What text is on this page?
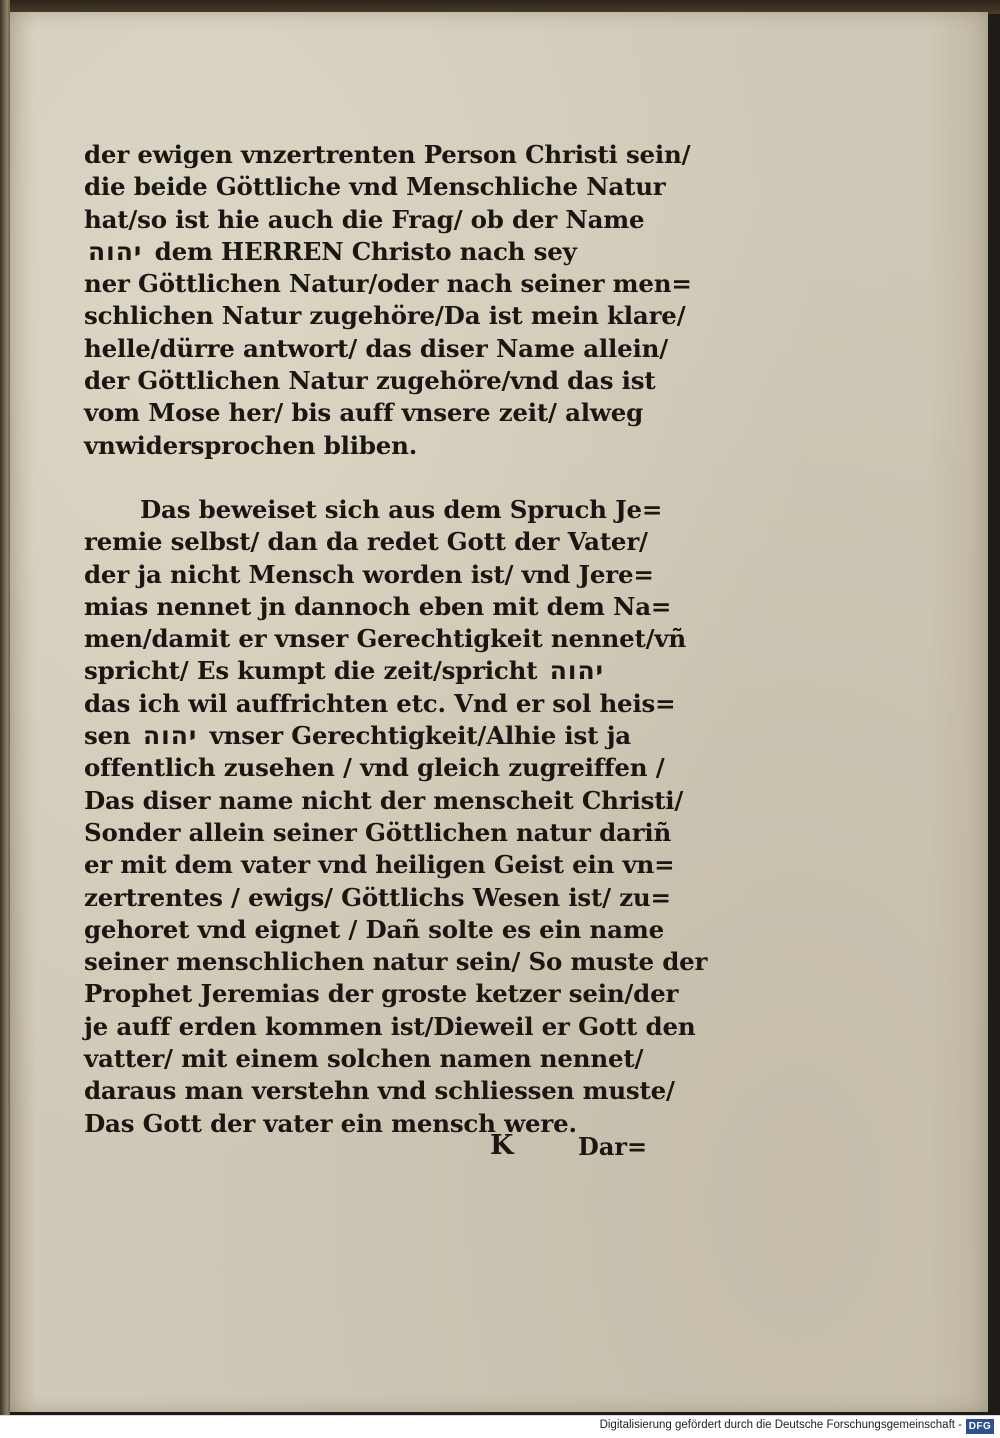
der ewigen vnzertrenten Person Christi sein/
die beide Göttliche vnd Menschliche Natur
hat/so ist hie auch die Frag/ ob der Name
יהוה dem HERREN Christo nach sey
ner Göttlichen Natur/oder nach seiner men=
schlichen Natur zugehöre/Da ist mein klare/
helle/dürre antwort/ das diser Name allein/
der Göttlichen Natur zugehöre/vnd das ist
vom Mose her/ bis auff vnsere zeit/ alweg
vnwidersprochen bliben.
Das beweiset sich aus dem Spruch Je=
remie selbst/ dan da redet Gott der Vater/
der ja nicht Mensch worden ist/ vnd Jere=
mias nennet jn dannoch eben mit dem Na=
men/damit er vnser Gerechtigkeit nennet/vñ
spricht/ Es kumpt die zeit/spricht יהוה
das ich wil auffrichten etc. Vnd er sol heis=
sen יהוה vnser Gerechtigkeit/Alhie ist ja
offentlich zusehen / vnd gleich zugreiffen /
Das diser name nicht der menscheit Christi/
Sonder allein seiner Göttlichen natur dariñ
er mit dem vater vnd heiligen Geist ein vn=
zertrentes / ewigs/ Göttlichs Wesen ist/ zu=
gehoret vnd eignet / Dañ solte es ein name
seiner menschlichen natur sein/ So muste der
Prophet Jeremias der groste ketzer sein/der
je auff erden kommen ist/Dieweil er Gott den
vatter/ mit einem solchen namen nennet/
daraus man verstehn vnd schliessen muste/
Das Gott der vater ein mensch were.
K	Dar=
Digitalisierung gefördert durch die Deutsche Forschungsgemeinschaft - DFG
